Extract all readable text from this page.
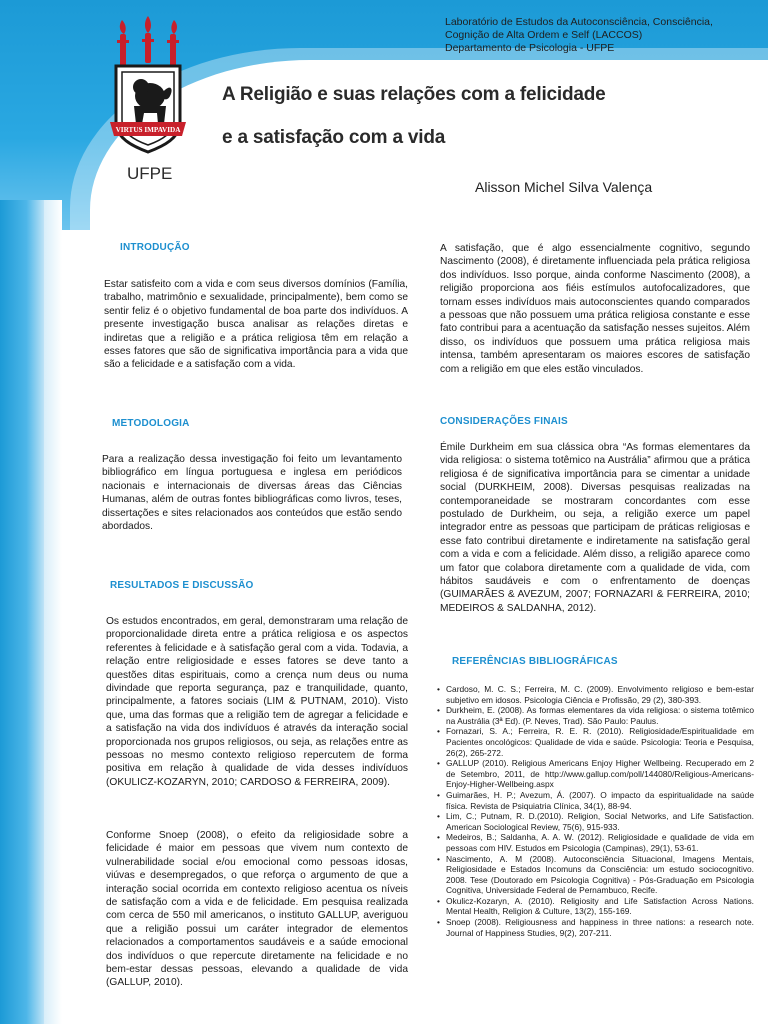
VIRTUS IMPAVIDA
UFPE
Laboratório de Estudos da Autoconsciência, Consciência,
Cognição de Alta Ordem e Self (LACCOS)
Departamento de Psicologia - UFPE
A Religião e suas relações com a felicidade
e a satisfação com a vida
Alisson Michel Silva Valença
INTRODUÇÃO

Estar satisfeito com a vida e com seus diversos domínios (Família, trabalho, matrimônio e sexualidade, principalmente), bem como se sentir feliz é o objetivo fundamental de boa parte dos indivíduos. A presente investigação busca analisar as relações diretas e indiretas que a religião e a prática religiosa têm em relação a esses fatores que são de significativa importância para a vida que são a felicidade e a satisfação com a vida.

METODOLOGIA

Para a realização dessa investigação foi feito um levantamento bibliográfico em língua portuguesa e inglesa em periódicos nacionais e internacionais de diversas áreas das Ciências Humanas, além de outras fontes bibliográficas como livros, teses, dissertações e sites relacionados aos conteúdos que estão sendo abordados.

RESULTADOS E DISCUSSÃO

Os estudos encontrados, em geral, demonstraram uma relação de proporcionalidade direta entre a prática religiosa e os aspectos referentes à felicidade e à satisfação geral com a vida. Todavia, a relação entre religiosidade e esses fatores se deve tanto a questões ditas espirituais, como a crença num deus ou numa divindade que reporta segurança, paz e tranquilidade, quanto, principalmente, a fatores sociais (LIM & PUTNAM, 2010). Visto que, uma das formas que a religião tem de agregar a felicidade e a satisfação na vida dos indivíduos é através da interação social proporcionada nos grupos religiosos, ou seja, as relações entre as pessoas no mesmo contexto religioso repercutem de forma positiva em relação à qualidade de vida desses indivíduos (OKULICZ-KOZARYN, 2010; CARDOSO & FERREIRA, 2009).

Conforme Snoep (2008), o efeito da religiosidade sobre a felicidade é maior em pessoas que vivem num contexto de vulnerabilidade social e/ou emocional como pessoas idosas, viúvas e desempregados, o que reforça o argumento de que a interação social ocorrida em contexto religioso acentua os níveis de satisfação com a vida e de felicidade. Em pesquisa realizada com cerca de 550 mil americanos, o instituto GALLUP, averiguou que a religião possui um caráter integrador de elementos relacionados a comportamentos saudáveis e a saúde emocional dos indivíduos o que repercute diretamente na felicidade e no bem-estar dessas pessoas, elevando a qualidade de vida (GALLUP, 2010).

A satisfação, que é algo essencialmente cognitivo, segundo Nascimento (2008), é diretamente influenciada pela prática religiosa dos indivíduos. Isso porque, ainda conforme Nascimento (2008), a religião proporciona aos fiéis estímulos autofocalizadores, que tornam esses indivíduos mais autoconscientes quando comparados a pessoas que não possuem uma prática religiosa constante e esse fato contribui para a acentuação da satisfação nesses sujeitos. Além disso, os indivíduos que possuem uma prática religiosa mais intensa, também apresentaram os maiores escores de satisfação com a religião em que eles estão vinculados.

CONSIDERAÇÕES FINAIS

Émile Durkheim em sua clássica obra “As formas elementares da vida religiosa: o sistema totêmico na Austrália” afirmou que a prática religiosa é de significativa importância para se cimentar a unidade social (DURKHEIM, 2008). Diversas pesquisas realizadas na contemporaneidade se mostraram concordantes com esse postulado de Durkheim, ou seja, a religião exerce um papel integrador entre as pessoas que participam de práticas religiosas e esse fato contribui diretamente e indiretamente na satisfação geral com a vida e com a felicidade. Além disso, a religião aparece como um fator que colabora diretamente com a qualidade de vida, com hábitos saudáveis e com o enfrentamento de doenças (GUIMARÃES & AVEZUM, 2007; FORNAZARI & FERREIRA, 2010; MEDEIROS & SALDANHA, 2012).

REFERÊNCIAS BIBLIOGRÁFICAS
• Cardoso, M. C. S.; Ferreira, M. C. (2009). Envolvimento religioso e bem-estar subjetivo em idosos. Psicologia Ciência e Profissão, 29 (2), 380-393.
• Durkheim, E. (2008). As formas elementares da vida religiosa: o sistema totêmico na Austrália (3ª Ed). (P. Neves, Trad). São Paulo: Paulus.
• Fornazari, S. A.; Ferreira, R. E. R. (2010). Religiosidade/Espiritualidade em Pacientes oncológicos: Qualidade de vida e saúde. Psicologia: Teoria e Pesquisa, 26(2), 265-272.
• GALLUP (2010). Religious Americans Enjoy Higher Wellbeing. Recuperado em 2 de Setembro, 2011, de http://www.gallup.com/poll/144080/Religious-Americans-Enjoy-Higher-Wellbeing.aspx
• Guimarães, H. P.; Avezum, Á. (2007). O impacto da espiritualidade na saúde física. Revista de Psiquiatria Clínica, 34(1), 88-94.
• Lim, C.; Putnam, R. D.(2010). Religion, Social Networks, and Life Satisfaction. American Sociological Review, 75(6), 915-933.
• Medeiros, B.; Saldanha, A. A. W. (2012). Religiosidade e qualidade de vida em pessoas com HIV. Estudos em Psicologia (Campinas), 29(1), 53-61.
• Nascimento, A. M (2008). Autoconsciência Situacional, Imagens Mentais, Religiosidade e Estados Incomuns da Consciência: um estudo sociocognitivo. 2008. Tese (Doutorado em Psicologia Cognitiva) - Pós-Graduação em Psicologia Cognitiva, Universidade Federal de Pernambuco, Recife.
• Okulicz-Kozaryn, A. (2010). Religiosity and Life Satisfaction Across Nations. Mental Health, Religion & Culture, 13(2), 155-169.
• Snoep (2008). Religiousness and happiness in three nations: a research note. Journal of Happiness Studies, 9(2), 207-211.
